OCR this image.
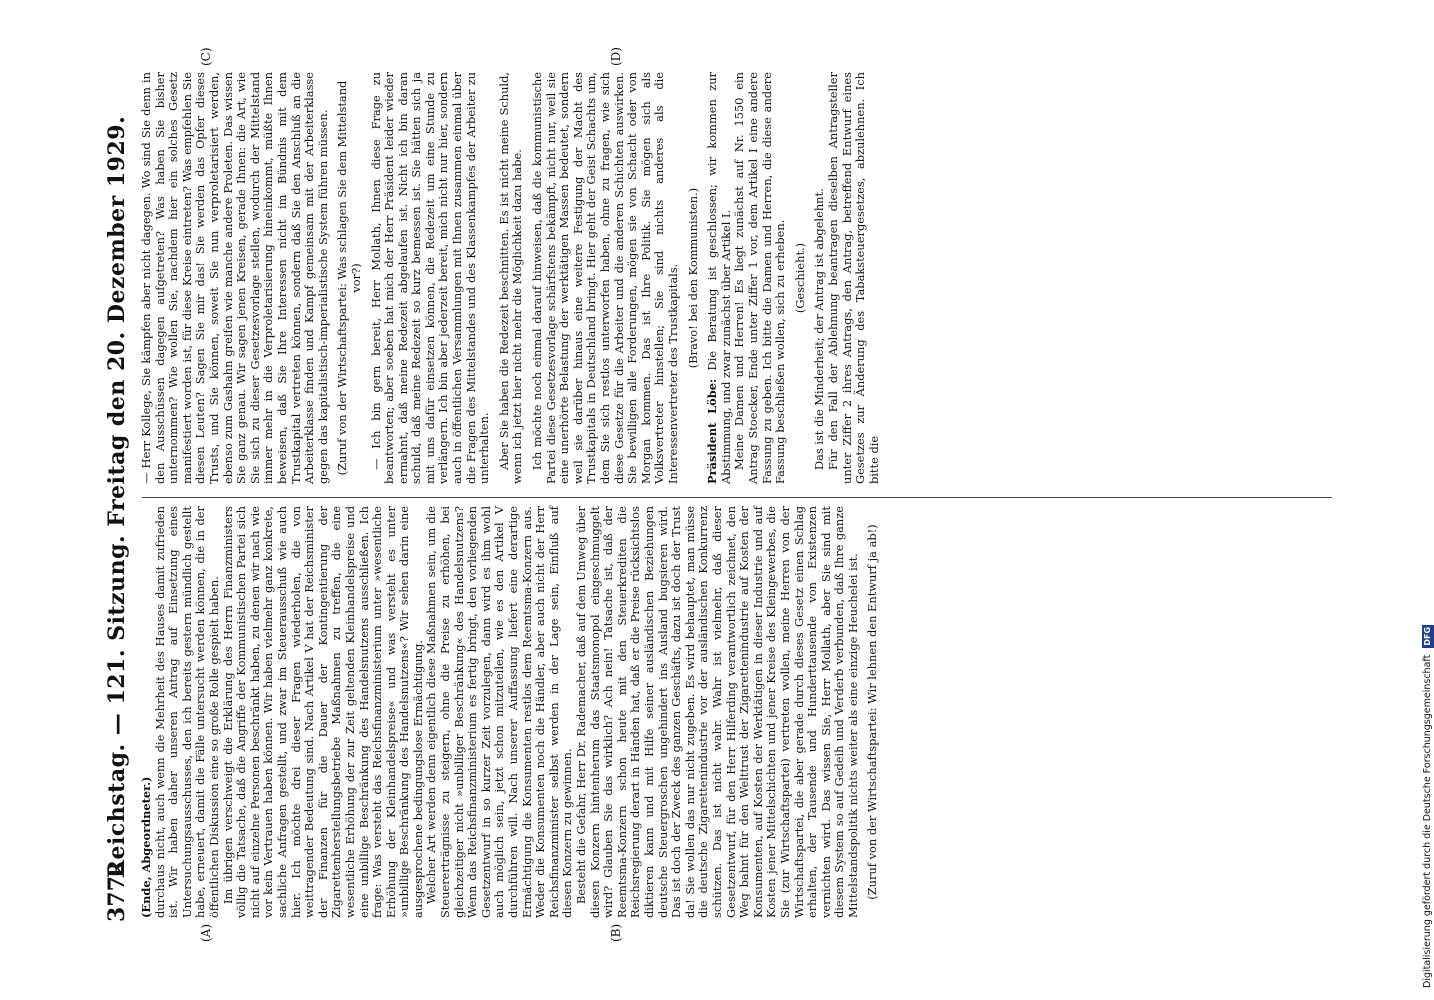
Reichstag. — 121. Sitzung. Freitag den 20. Dezember 1929.
3772
(A)	(B)

(Ende, Abgeordneter.) durchaus nicht, auch wenn die Mehrheit des Hauses damit zufrieden ist. Wir haben daher unseren Antrag auf Einsetzung eines Untersuchungsausschusses, den ich bereits gestern mündlich gestellt habe, erneuert, damit die Fälle untersucht werden können, die in der öffentlichen Diskussion eine so große Rolle gespielt haben. Im übrigen verschweigt die Erklärung des Herrn Finanzministers völlig die Tatsache, daß die Angriffe der Kommunistischen Partei sich nicht auf einzelne Personen beschränkt haben, zu denen wir nach wie vor kein Vertrauen haben können. Wir haben vielmehr ganz konkrete, sachliche Anfragen gestellt, und zwar im Steuerausschuß wie auch hier. Ich möchte drei dieser Fragen wiederholen, die von weittragender Bedeutung sind. Nach Artikel V hat der Reichsminister der Finanzen für die Dauer der Kontingentierung der Zigarettenherstellungsbetriebe Maßnahmen zu treffen, die eine wesentliche Erhöhung der zur Zeit geltenden Kleinhandelspreise und eine unbillige Beschränkung des Handelsnutzens ausschließen. Ich frage: Was versteht das Reichsfinanzministerium unter »wesentliche Erhöhung der Kleinhandelspreise« und was versteht es unter »unbillige Beschränkung des Handelsnutzens«? Wir sehen darin eine ausgesprochene bedingungslose Ermächtigung. Welcher Art werden denn eigentlich diese Maßnahmen sein, um die Steuererträgnisse zu steigern, ohne die Preise zu erhöhen, bei gleichzeitiger nicht »unbilliger Beschränkung« des Handelsnutzens? Wenn das Reichsfinanzministerium es fertig bringt, den vorliegenden Gesetzentwurf in so kurzer Zeit vorzulegen, dann wird es ihm wohl auch möglich sein, jetzt schon mitzuteilen, wie es den Artikel V durchführen will. Nach unserer Auffassung liefert eine derartige Ermächtigung die Konsumenten restlos dem Reemtsma-Konzern aus. Weder die Konsumenten noch die Händler, aber auch nicht der Herr Reichsfinanzminister selbst werden in der Lage sein, Einfluß auf diesen Konzern zu gewinnen. Besteht die Gefahr, Herr Dr. Rademacher, daß auf dem Umweg über diesen Konzern hintenherum das Staatsmonopol eingeschmuggelt wird? Glauben Sie das wirklich? Ach nein! Tatsache ist, daß der Reemtsma-Konzern schon heute mit den Steuerkrediten die Reichsregierung derart in Händen hat, daß er die Preise rücksichtslos diktieren kann und mit Hilfe seiner ausländischen Beziehungen deutsche Steuergroschen ungehindert ins Ausland bugsieren wird. Das ist doch der Zweck des ganzen Geschäfts, dazu ist doch der Trust da! Sie wollen das nur nicht zugeben. Es wird behauptet, man müsse die deutsche Zigarettenindustrie vor der ausländischen Konkurrenz schützen. Das ist nicht wahr. Wahr ist vielmehr, daß dieser Gesetzentwurf, für den Herr Hilferding verantwortlich zeichnet, den Weg bahnt für den Welttrust der Zigarettenindustrie auf Kosten der Konsumenten, auf Kosten der Werktätigen in dieser Industrie und auf Kosten jener Mittelschichten und jener Kreise des Kleingewerbes, die Sie (zur Wirtschaftspartei) vertreten wollen, meine Herren von der Wirtschaftspartei, die aber gerade durch dieses Gesetz einen Schlag erhalten, der Tausende und Hunderttausende von Existenzen vernichten wird. Das wissen Sie, Herr Mollath, aber Sie sind mit diesem System so auf Gedeih und Verderb verbunden, daß Ihre ganze Mittelstandspolitik nichts weiter als eine einzige Heuchelei ist. (Zuruf von der Wirtschaftspartei: Wir lehnen den Entwurf ja ab!)

(C)	(D)

— Herr Kollege, Sie kämpfen aber nicht dagegen. Wo sind Sie denn in den Ausschüssen dagegen aufgetreten? Was haben Sie bisher unternommen? Wie wollen Sie, nachdem hier ein solches Gesetz manifestiert worden ist, für diese Kreise eintreten? Was empfehlen Sie diesen Leuten? Sagen Sie mir das! Sie werden das Opfer dieses Trusts, und Sie können, soweit Sie nun verproletarisiert werden, ebenso zum Gashahn greifen wie manche andere Proleten. Das wissen Sie ganz genau. Wir sagen jenen Kreisen, gerade Ihnen: die Art, wie Sie sich zu dieser Gesetzesvorlage stellen, wodurch der Mittelstand immer mehr in die Verproletarisierung hineinkommt, müßte Ihnen beweisen, daß Sie Ihre Interessen nicht im Bündnis mit dem Trustkapital vertreten können, sondern daß Sie den Anschluß an die Arbeiterklasse finden und Kampf gemeinsam mit der Arbeiterklasse gegen das kapitalistisch-imperialistische System führen müssen. (Zuruf von der Wirtschaftspartei: Was schlagen Sie dem Mittelstand vor?) — Ich bin gern bereit, Herr Mollath, Ihnen diese Frage zu beantworten; aber soeben hat mich der Herr Präsident leider wieder ermahnt, daß meine Redezeit abgelaufen ist. Nicht ich bin daran schuld, daß meine Redezeit so kurz bemessen ist. Sie hätten sich ja mit uns dafür einsetzen können, die Redezeit um eine Stunde zu verlängern. Ich bin aber jederzeit bereit, mich nicht nur hier, sondern auch in öffentlichen Versammlungen mit Ihnen zusammen einmal über die Fragen des Mittelstandes und des Klassenkampfes der Arbeiter zu unterhalten. Aber Sie haben die Redezeit beschnitten. Es ist nicht meine Schuld, wenn ich jetzt hier nicht mehr die Möglichkeit dazu habe. Ich möchte noch einmal darauf hinweisen, daß die kommunistische Partei diese Gesetzesvorlage schärfstens bekämpft, nicht nur, weil sie eine unerhörte Belastung der werktätigen Massen bedeutet, sondern weil sie darüber hinaus eine weitere Festigung der Macht des Trustkapitals in Deutschland bringt. Hier geht der Geist Schachts um, dem Sie sich restlos unterworfen haben, ohne zu fragen, wie sich diese Gesetze für die Arbeiter und die anderen Schichten auswirken. Sie bewilligen alle Forderungen, mögen sie von Schacht oder von Morgan kommen. Das ist Ihre Politik. Sie mögen sich als Volksvertreter hinstellen; Sie sind nichts anderes als die Interessenvertreter des Trustkapitals. (Bravo! bei den Kommunisten.)

Präsident Löbe: Die Beratung ist geschlossen; wir kommen zur Abstimmung, und zwar zunächst über Artikel I. Meine Damen und Herren! Es liegt zunächst auf Nr. 1550 ein Antrag Stoecker, Ende unter Ziffer 1 vor, dem Artikel I eine andere Fassung zu geben. Ich bitte die Damen und Herren, die diese andere Fassung beschließen wollen, sich zu erheben. (Geschieht.) Das ist die Minderheit; der Antrag ist abgelehnt. Für den Fall der Ablehnung beantragen dieselben Antragsteller unter Ziffer 2 ihres Antrags, den Antrag, betreffend Entwurf eines Gesetzes zur Änderung des Tabaksteuergesetzes, abzulehnen. Ich bitte die

Digitalisierung gefördert durch die Deutsche Forschungsgemeinschaft DFG
